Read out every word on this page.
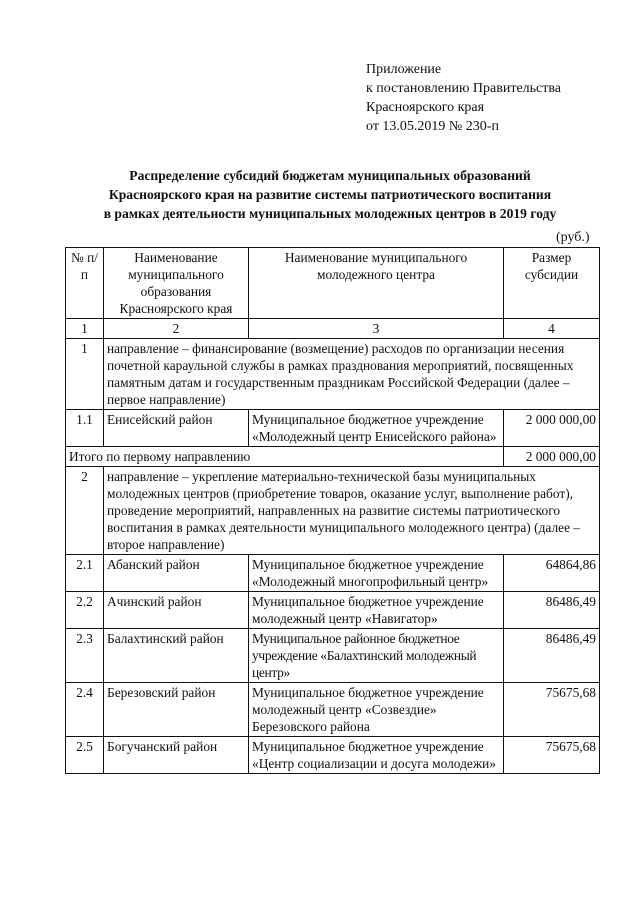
Приложение
к постановлению Правительства
Красноярского края
от 13.05.2019 № 230-п
Распределение субсидий бюджетам муниципальных образований
Красноярского края на развитие системы патриотического воспитания
в рамках деятельности муниципальных молодежных центров в 2019 году
(руб.)
№ п/п	Наименование муниципального образования Красноярского края	Наименование муниципального молодежного центра	Размер субсидии
1	2	3	4
1	направление – финансирование (возмещение) расходов по организации несения почетной караульной службы в рамках празднования мероприятий, посвященных памятным датам и государственным праздникам Российской Федерации (далее – первое направление)		
1.1	Енисейский район	Муниципальное бюджетное учреждение «Молодежный центр Енисейского района»	2 000 000,00
Итого по первому направлению			2 000 000,00
2	направление – укрепление материально-технической базы муниципальных молодежных центров (приобретение товаров, оказание услуг, выполнение работ), проведение мероприятий, направленных на развитие системы патриотического воспитания в рамках деятельности муниципального молодежного центра) (далее – второе направление)		
2.1	Абанский район	Муниципальное бюджетное учреждение «Молодежный многопрофильный центр»	64864,86
2.2	Ачинский район	Муниципальное бюджетное учреждение молодежный центр «Навигатор»	86486,49
2.3	Балахтинский район	Муниципальное районное бюджетное учреждение «Балахтинский молодежный центр»	86486,49
2.4	Березовский район	Муниципальное бюджетное учреждение молодежный центр «Созвездие» Березовского района	75675,68
2.5	Богучанский район	Муниципальное бюджетное учреждение «Центр социализации и досуга молодежи»	75675,68
